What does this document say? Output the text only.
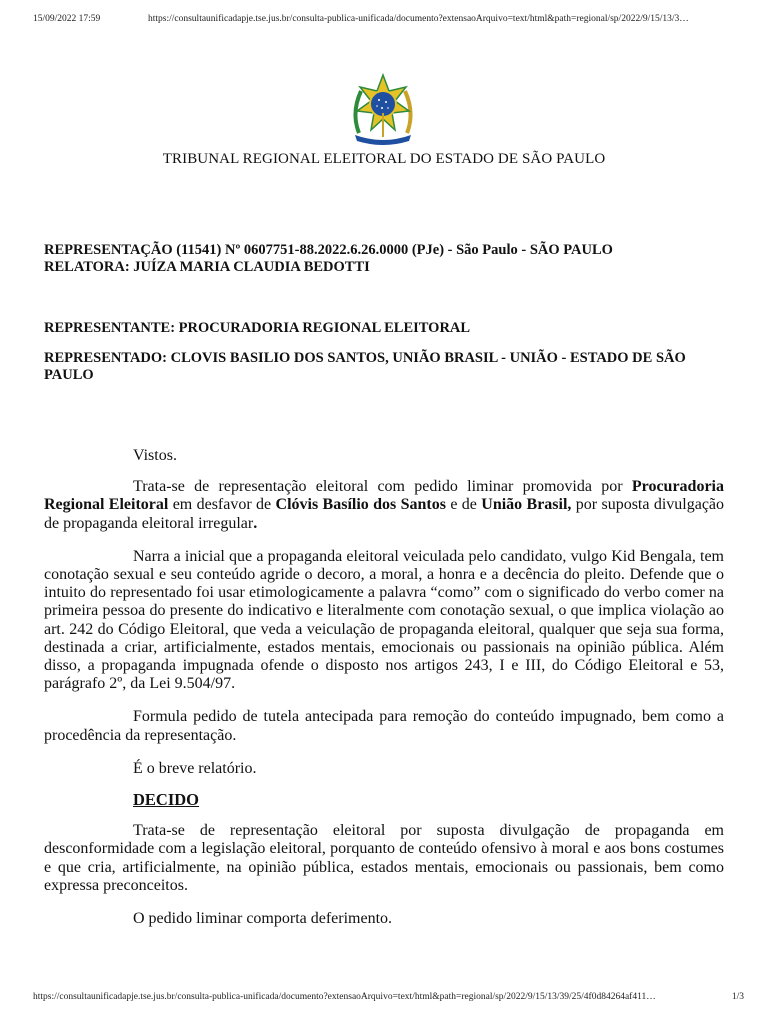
15/09/2022 17:59	https://consultaunificadapje.tse.jus.br/consulta-publica-unificada/documento?extensaoArquivo=text/html&path=regional/sp/2022/9/15/13/3…
TRIBUNAL REGIONAL ELEITORAL DO ESTADO DE SÃO PAULO
REPRESENTAÇÃO (11541) Nº 0607751-88.2022.6.26.0000 (PJe) - São Paulo - SÃO PAULO
RELATORA: JUÍZA MARIA CLAUDIA BEDOTTI
REPRESENTANTE: PROCURADORIA REGIONAL ELEITORAL
REPRESENTADO: CLOVIS BASILIO DOS SANTOS, UNIÃO BRASIL - UNIÃO - ESTADO DE SÃO PAULO

Vistos.

Trata-se de representação eleitoral com pedido liminar promovida por Procuradoria Regional Eleitoral em desfavor de Clóvis Basílio dos Santos e de União Brasil, por suposta divulgação de propaganda eleitoral irregular.

Narra a inicial que a propaganda eleitoral veiculada pelo candidato, vulgo Kid Bengala, tem conotação sexual e seu conteúdo agride o decoro, a moral, a honra e a decência do pleito. Defende que o intuito do representado foi usar etimologicamente a palavra “como” com o significado do verbo comer na primeira pessoa do presente do indicativo e literalmente com conotação sexual, o que implica violação ao art. 242 do Código Eleitoral, que veda a veiculação de propaganda eleitoral, qualquer que seja sua forma, destinada a criar, artificialmente, estados mentais, emocionais ou passionais na opinião pública. Além disso, a propaganda impugnada ofende o disposto nos artigos 243, I e III, do Código Eleitoral e 53, parágrafo 2º, da Lei 9.504/97.

Formula pedido de tutela antecipada para remoção do conteúdo impugnado, bem como a procedência da representação.

É o breve relatório.

DECIDO

Trata-se de representação eleitoral por suposta divulgação de propaganda em desconformidade com a legislação eleitoral, porquanto de conteúdo ofensivo à moral e aos bons costumes e que cria, artificialmente, na opinião pública, estados mentais, emocionais ou passionais, bem como expressa preconceitos.

O pedido liminar comporta deferimento.

https://consultaunificadapje.tse.jus.br/consulta-publica-unificada/documento?extensaoArquivo=text/html&path=regional/sp/2022/9/15/13/39/25/4f0d84264af411…	1/3
